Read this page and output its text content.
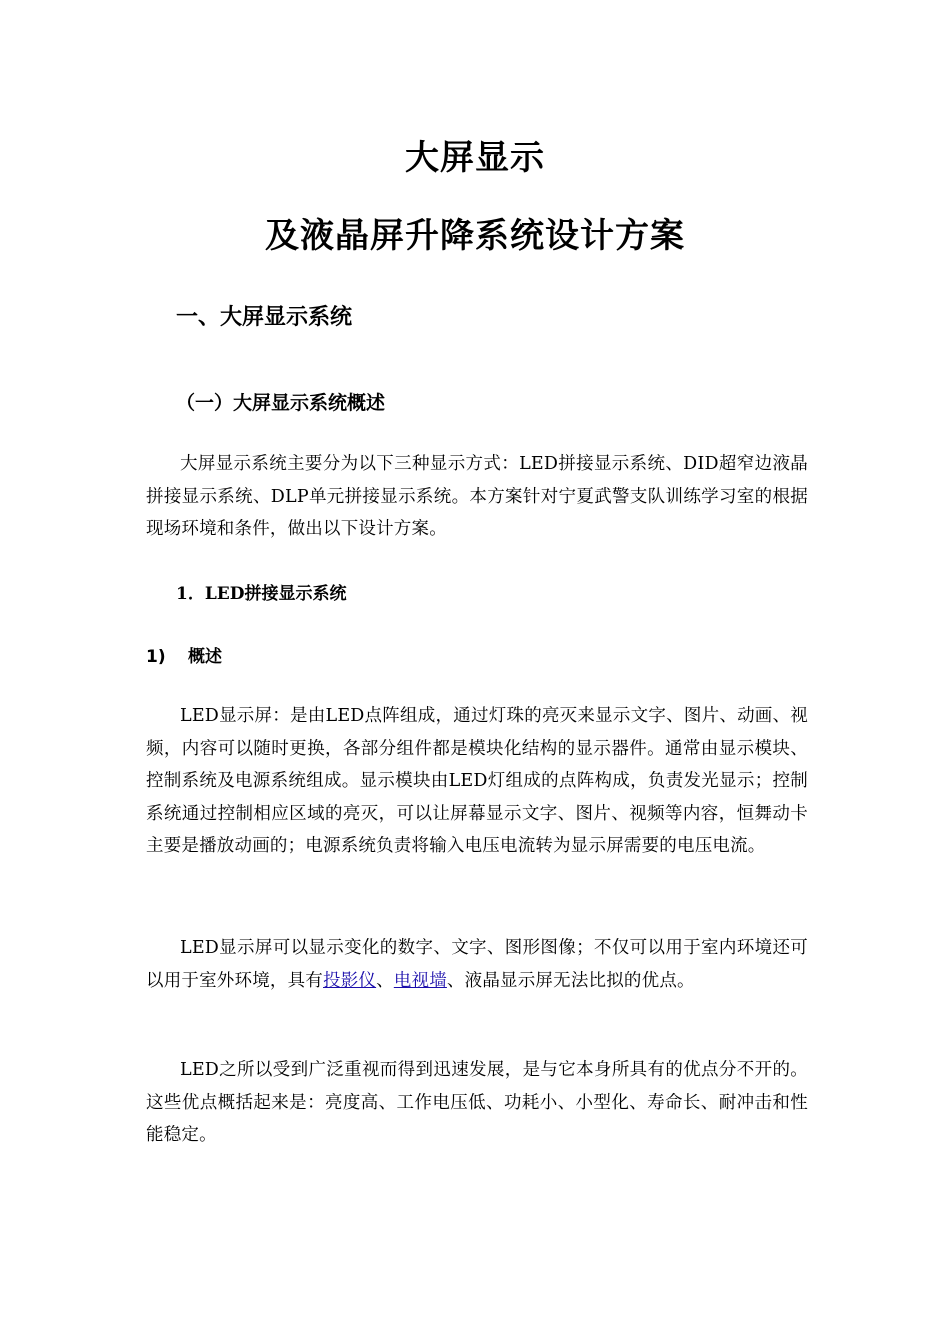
大屏显示
及液晶屏升降系统设计方案
一、大屏显示系统
（一）大屏显示系统概述

大屏显示系统主要分为以下三种显示方式：LED拼接显示系统、DID超窄边液晶拼接显示系统、DLP单元拼接显示系统。本方案针对宁夏武警支队训练学习室的根据现场环境和条件，做出以下设计方案。

1．LED拼接显示系统
1) 概述

LED显示屏：是由LED点阵组成，通过灯珠的亮灭来显示文字、图片、动画、视频，内容可以随时更换，各部分组件都是模块化结构的显示器件。通常由显示模块、控制系统及电源系统组成。显示模块由LED灯组成的点阵构成，负责发光显示；控制系统通过控制相应区域的亮灭，可以让屏幕显示文字、图片、视频等内容，恒舞动卡主要是播放动画的；电源系统负责将输入电压电流转为显示屏需要的电压电流。

LED显示屏可以显示变化的数字、文字、图形图像；不仅可以用于室内环境还可以用于室外环境，具有投影仪、电视墙、液晶显示屏无法比拟的优点。

LED之所以受到广泛重视而得到迅速发展，是与它本身所具有的优点分不开的。这些优点概括起来是：亮度高、工作电压低、功耗小、小型化、寿命长、耐冲击和性能稳定。
